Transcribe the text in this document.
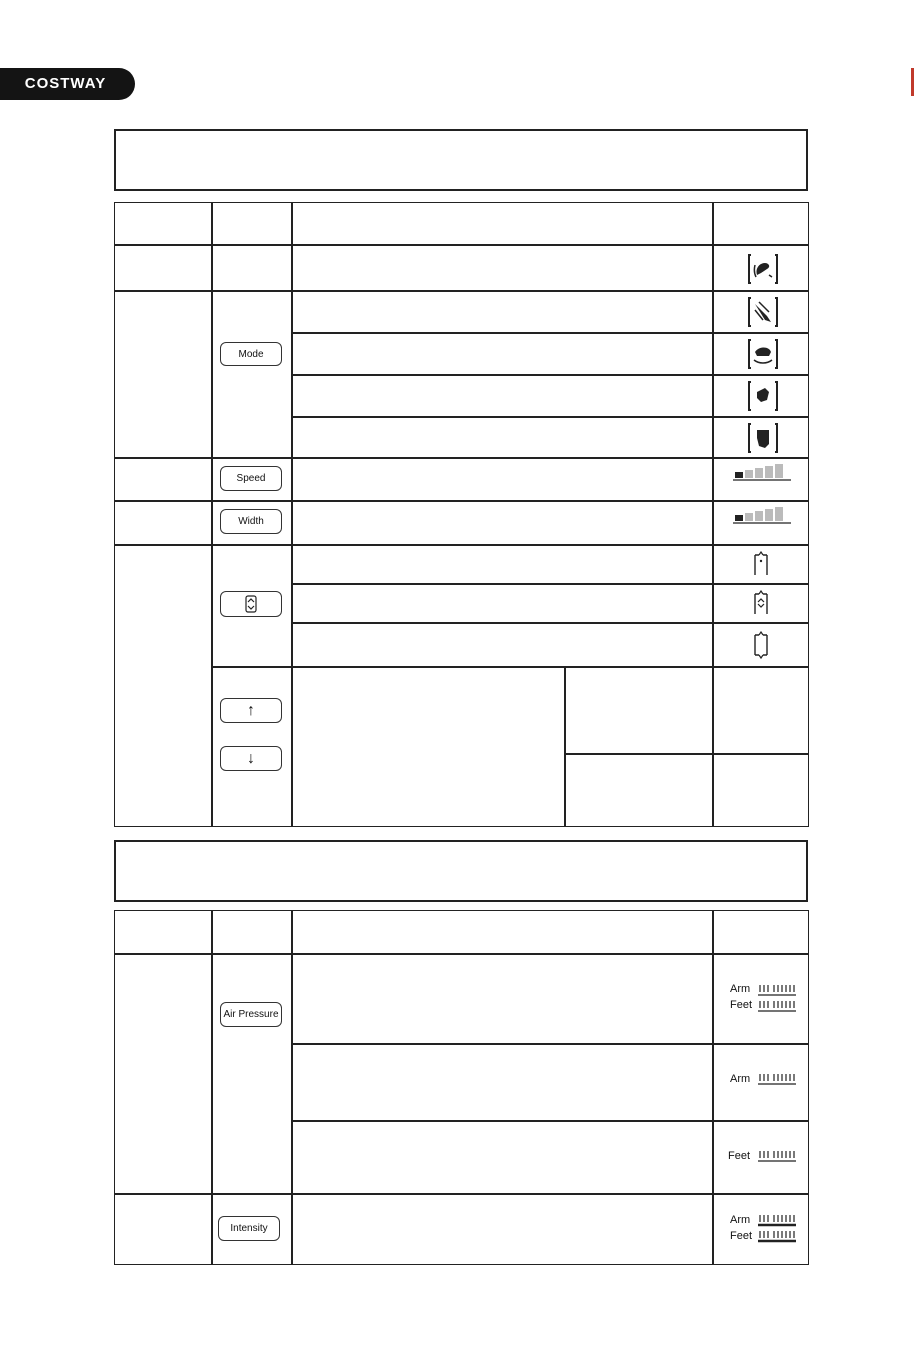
COSTWAY
Mode
Speed
Width
↑
↓
Air Pressure
Intensity
Arm
Feet
Arm
Feet
Arm
Feet
